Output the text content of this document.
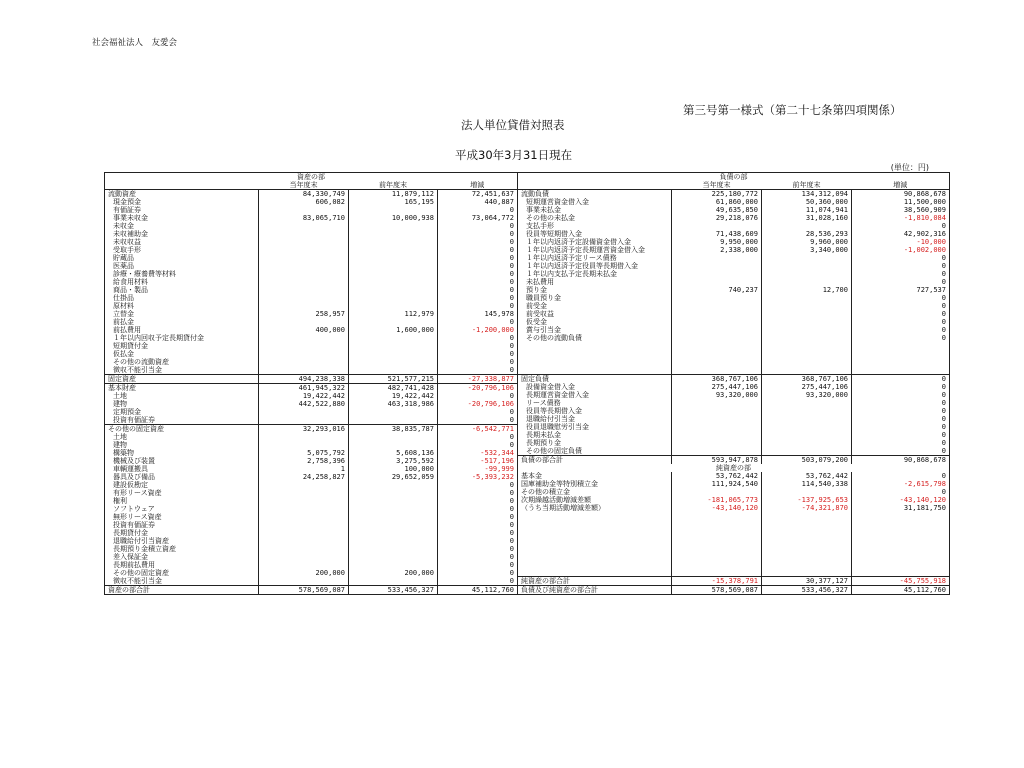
社会福祉法人　友愛会
第三号第一様式（第二十七条第四項関係）
法人単位貸借対照表
平成30年3月31日現在
(単位：円)
資産の部			
	当年度末	前年度末	増減
流動資産	84,330,749	11,879,112	72,451,637
現金預金	606,082	165,195	440,887
有価証券			0
事業未収金	83,065,710	10,000,938	73,064,772
未収金			0
未収補助金			0
未収収益			0
受取手形			0
貯蔵品			0
医薬品			0
診療・療養費等材料			0
給食用材料			0
商品・製品			0
仕掛品			0
原材料			0
立替金	258,957	112,979	145,978
前払金			0
前払費用	400,000	1,600,000	-1,200,000
１年以内回収予定長期貸付金			0
短期貸付金			0
仮払金			0
その他の流動資産			0
徴収不能引当金			0
固定資産	494,238,338	521,577,215	-27,338,877
基本財産	461,945,322	482,741,428	-20,796,106
土地	19,422,442	19,422,442	0
建物	442,522,880	463,318,986	-20,796,106
定期預金			0
投資有価証券			0
その他の固定資産	32,293,016	38,835,787	-6,542,771
土地			0
建物			0
構築物	5,075,792	5,608,136	-532,344
機械及び装置	2,758,396	3,275,592	-517,196
車輌運搬具	1	100,000	-99,999
器具及び備品	24,258,827	29,652,059	-5,393,232
建設仮勘定			0
有形リース資産			0
権利			0
ソフトウェア			0
無形リース資産			0
投資有価証券			0
長期貸付金			0
退職給付引当資産			0
長期預り金積立資産			0
差入保証金			0
長期前払費用			0
その他の固定資産	200,000	200,000	0
徴収不能引当金			0
資産の部合計	578,569,087	533,456,327	45,112,760
負債の部			
	当年度末	前年度末	増減
流動負債	225,180,772	134,312,094	90,868,678
短期運営資金借入金	61,860,000	50,360,000	11,500,000
事業未払金	49,635,850	11,074,941	38,560,909
その他の未払金	29,218,076	31,028,160	-1,810,084
支払手形			0
役員等短期借入金	71,438,609	28,536,293	42,902,316
１年以内返済予定設備資金借入金	9,950,000	9,960,000	-10,000
１年以内返済予定長期運営資金借入金	2,338,000	3,340,000	-1,002,000
１年以内返済予定リース債務			0
１年以内返済予定役員等長期借入金			0
１年以内支払予定長期未払金			0
未払費用			0
預り金	740,237	12,700	727,537
職員預り金			0
前受金			0
前受収益			0
仮受金			0
賞与引当金			0
その他の流動負債			0

固定負債	368,767,106	368,767,106	0
設備資金借入金	275,447,106	275,447,106	0
長期運営資金借入金	93,320,000	93,320,000	0
リース債務			0
役員等長期借入金			0
退職給付引当金			0
役員退職慰労引当金			0
長期未払金			0
長期預り金			0
その他の固定負債			0
負債の部合計	593,947,878	503,079,200	90,868,678
純資産の部			
基本金	53,762,442	53,762,442	0
国庫補助金等特別積立金	111,924,540	114,540,338	-2,615,798
その他の積立金			0
次期繰越活動増減差額	-181,065,773	-137,925,653	-43,140,120
（うち当期活動増減差額）	-43,140,120	-74,321,870	31,181,750

純資産の部合計	-15,378,791	30,377,127	-45,755,918
負債及び純資産の部合計	578,569,087	533,456,327	45,112,760
